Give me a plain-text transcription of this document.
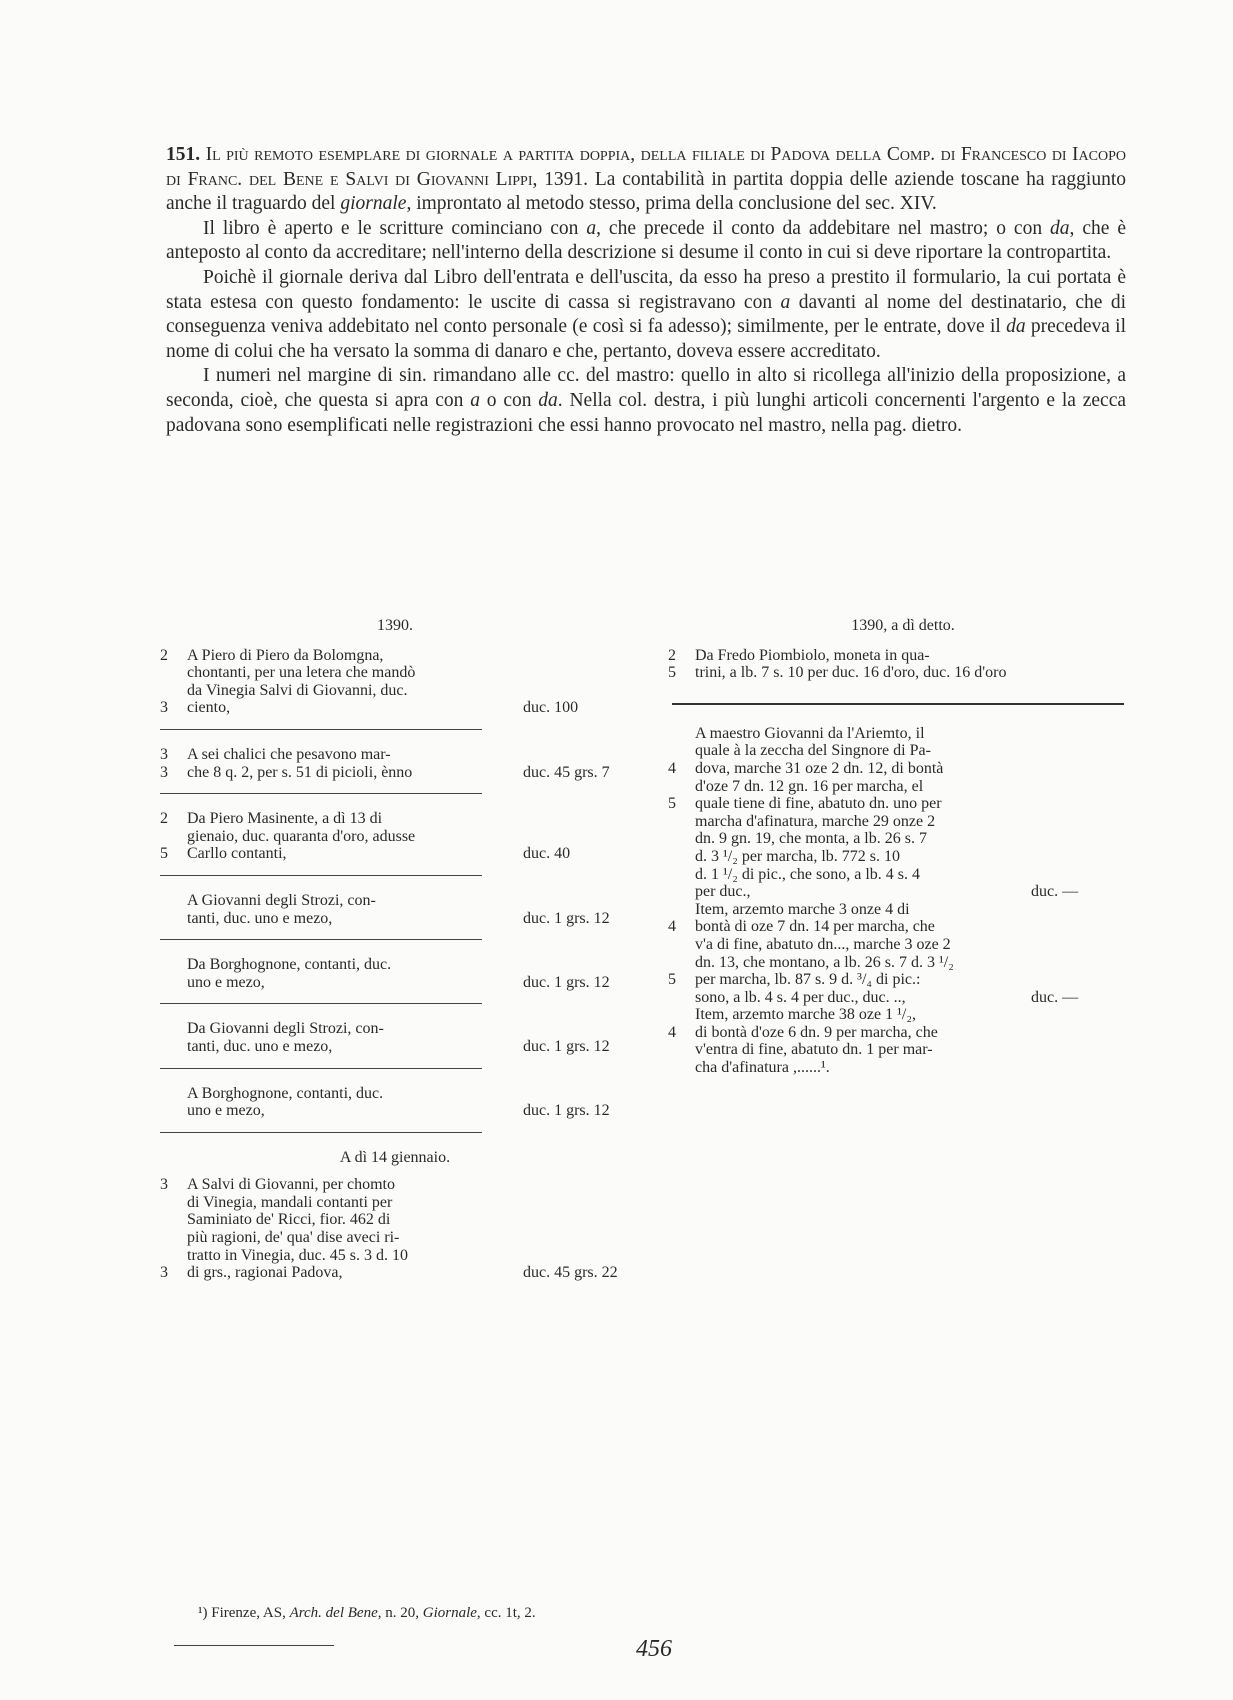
151. Il più remoto esemplare di giornale a partita doppia, della filiale di Padova della Comp. di Francesco di Iacopo di Franc. del Bene e Salvi di Giovanni Lippi, 1391. La contabilità in partita doppia delle aziende toscane ha raggiunto anche il traguardo del giornale, improntato al metodo stesso, prima della conclusione del sec. XIV.

Il libro è aperto e le scritture cominciano con a, che precede il conto da addebitare nel mastro; o con da, che è anteposto al conto da accreditare; nell'interno della descrizione si desume il conto in cui si deve riportare la contropartita.

Poichè il giornale deriva dal Libro dell'entrata e dell'uscita, da esso ha preso a prestito il formulario, la cui portata è stata estesa con questo fondamento: le uscite di cassa si registravano con a davanti al nome del destinatario, che di conseguenza veniva addebitato nel conto personale (e così si fa adesso); similmente, per le entrate, dove il da precedeva il nome di colui che ha versato la somma di danaro e che, pertanto, doveva essere accreditato.

I numeri nel margine di sin. rimandano alle cc. del mastro: quello in alto si ricollega all'inizio della proposizione, a seconda, cioè, che questa si apra con a o con da. Nella col. destra, i più lunghi articoli concernenti l'argento e la zecca padovana sono esemplificati nelle registrazioni che essi hanno provocato nel mastro, nella pag. dietro.

1390.
2	A Piero di Piero da Bolomgna,
chontanti, per una letera che mandò
da Vinegia Salvi di Giovanni, duc.
3	ciento,	duc. 100
3	A sei chalici che pesavono mar-
3	che 8 q. 2, per s. 51 di picioli, ènno	duc. 45 grs. 7
2	Da Piero Masinente, a dì 13 di
gienaio, duc. quaranta d'oro, adusse
5	Carllo contanti,	duc. 40
A Giovanni degli Strozi, con-
tanti, duc. uno e mezo,	duc. 1 grs. 12
Da Borghognone, contanti, duc.
uno e mezo,	duc. 1 grs. 12
Da Giovanni degli Strozi, con-
tanti, duc. uno e mezo,	duc. 1 grs. 12
A Borghognone, contanti, duc.
uno e mezo,	duc. 1 grs. 12
A dì 14 giennaio.
3	A Salvi di Giovanni, per chomto
di Vinegia, mandali contanti per
Saminiato de' Ricci, fior. 462 di
più ragioni, de' qua' dise aveci ri-
tratto in Vinegia, duc. 45 s. 3 d. 10
3	di grs., ragionai Padova,	duc. 45 grs. 22
1390, a dì detto.
2	Da Fredo Piombiolo, moneta in qua-
5	trini, a lb. 7 s. 10 per duc. 16 d'oro, duc. 16 d'oro
A maestro Giovanni da l'Ariemto, il
quale à la zecchа del Singnore di Pa-
4	dova, marche 31 oze 2 dn. 12, di bontà
d'oze 7 dn. 12 gn. 16 per marcha, el
5	quale tiene di fine, abatuto dn. uno per
marcha d'afinatura, marche 29 onze 2
dn. 9 gn. 19, che monta, a lb. 26 s. 7
d. 3 ¹/₂ per marcha, lb. 772 s. 10
d. 1 ¹/₂ di pic., che sono, a lb. 4 s. 4
per duc.,	duc. —
Item, arzemto marche 3 onze 4 di
4	bontà di oze 7 dn. 14 per marcha, che
v'a di fine, abatuto dn..., marche 3 oze 2
dn. 13, che montano, a lb. 26 s. 7 d. 3 ¹/₂
5	per marcha, lb. 87 s. 9 d. ³/₄ di pic.:
sono, a lb. 4 s. 4 per duc., duc. ..,	duc. —
Item, arzemto marche 38 oze 1 ¹/₂,
4	di bontà d'oze 6 dn. 9 per marcha, che
v'entra di fine, abatuto dn. 1 per mar-
cha d'afinatura ,......¹.
¹) Firenze, AS, Arch. del Bene, n. 20, Giornale, cc. 1t, 2.
456
